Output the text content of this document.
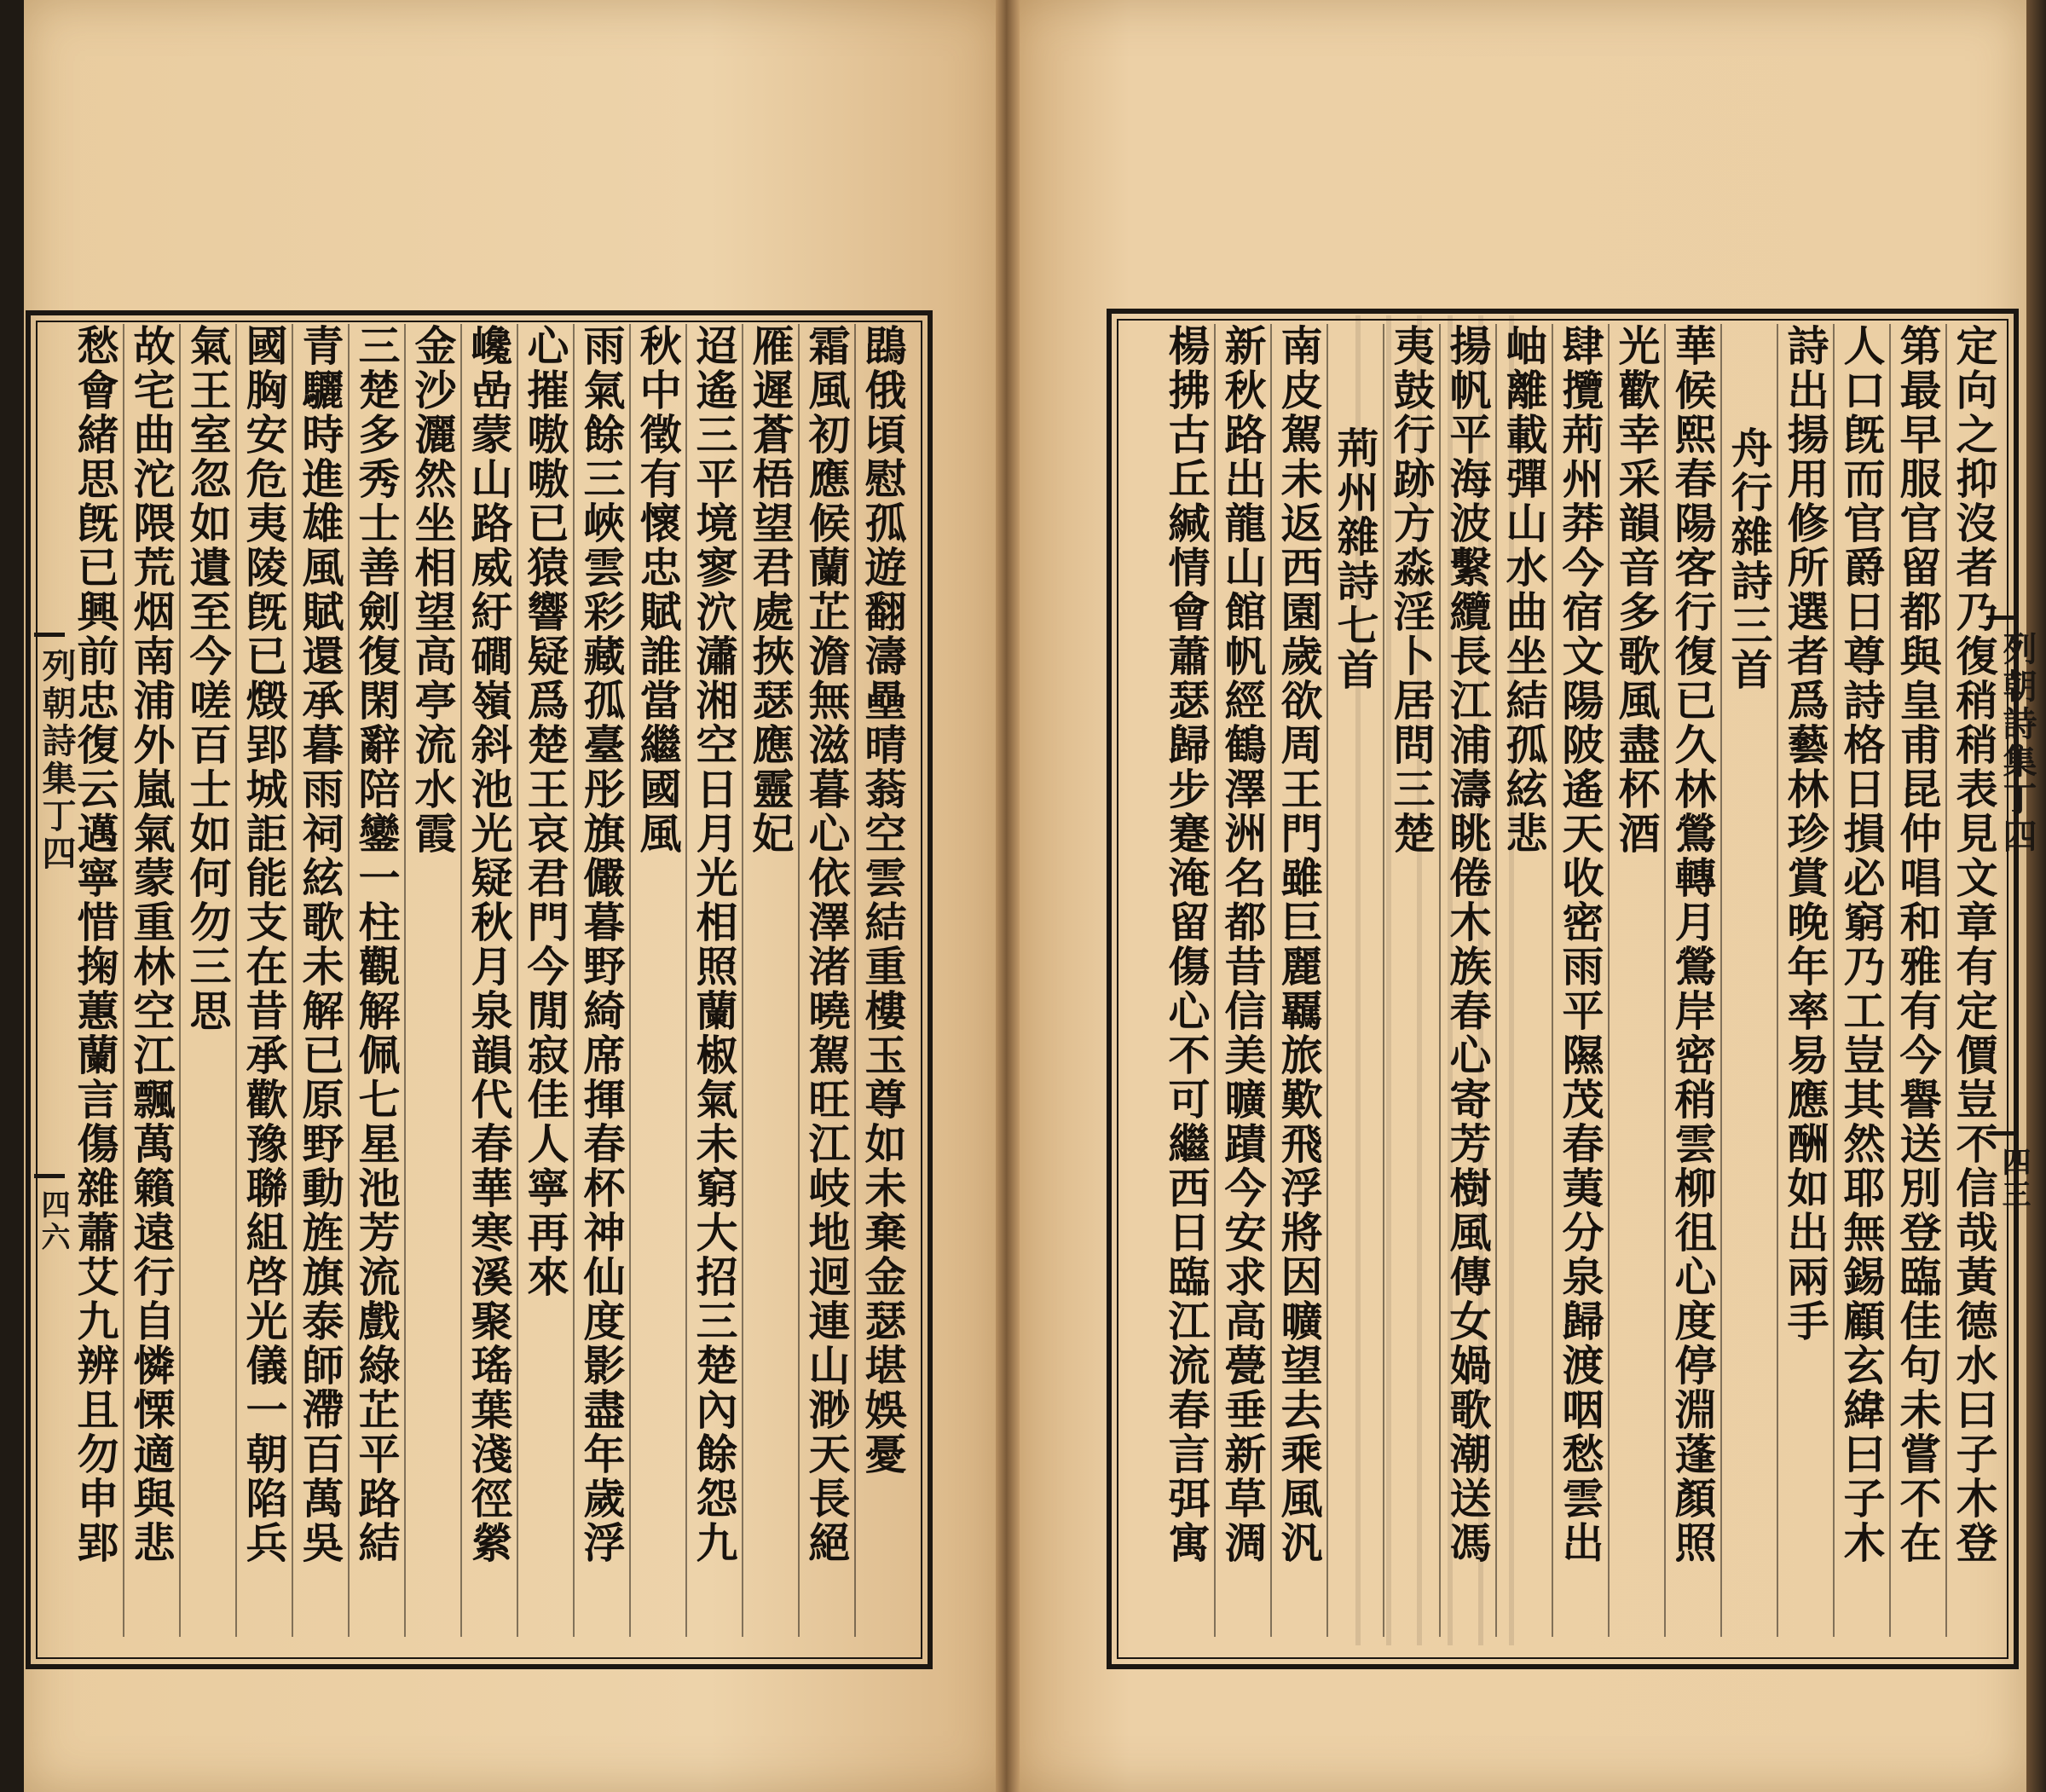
列朝詩集丁四
四六	鵾俄頃慰孤遊翻濤壘晴蓊空雲結重樓玉尊如未棄金瑟堪娛憂
霜風初應候蘭芷澹無滋暮心依澤渚曉駕旺江岐地迥連山渺天長絕
雁遲蒼梧望君處挾瑟應靈妃
迢遙三平境寥泬瀟湘空日月光相照蘭椒氣未窮大招三楚內餘怨九
秋中徵有懷忠賦誰當繼國風
雨氣餘三峽雲彩藏孤臺彤旗儼暮野綺席揮春杯神仙度影盡年歲浮
心摧嗷嗷已猿響疑爲楚王哀君門今閒寂佳人寧再來
巉嵒蒙山路威紆磵嶺斜池光疑秋月泉韻代春華寒溪聚瑤葉淺徑縈
金沙灑然坐相望高亭流水霞
三楚多秀士善劍復閑辭陪鑾一柱觀解佩七星池芳流戲綠芷平路結
青驪時進雄風賦還承暮雨祠絃歌未解已原野動旌旗泰師滯百萬吳
國胸安危夷陵旣已燬郢城詎能支在昔承歡豫聯組啓光儀一朝陷兵
氣王室忽如遺至今嗟百士如何勿三思
故宅曲沱隈荒烟南浦外嵐氣蒙重林空江飄萬籟遠行自憐慄適與悲
愁會緒思旣已興前忠復云邁寧惜掬蕙蘭言傷雜蕭艾九辨且勿申郢	列朝詩集丁四
四三
定向之抑沒者乃復稍稍表見文章有定價豈不信哉黃德水曰子木登
第最早服官留都與皇甫昆仲唱和雅有今譽送別登臨佳句未嘗不在
人口旣而官爵日尊詩格日損必窮乃工豈其然耶無錫顧玄緯曰子木
詩出揚用修所選者爲藝林珍賞晚年率易應酬如出兩手
舟行雜詩三首
華候熙春陽客行復已久林鶯轉月鶯岸密稍雲柳徂心度停淵蓬顏照
光歡幸采韻音多歌風盡杯酒
肆攬荊州莽今宿文陽陂遙天收密雨平隰茂春荑分泉歸渡咽愁雲出
岫離載彈山水曲坐結孤絃悲
揚帆平海波繫纜長江浦濤眺倦木族春心寄芳樹風傳女媧歌潮送馮
夷鼓行跡方淼淫卜居問三楚
荊州雜詩七首
南皮駕未返西園歲欲周王門雖巨麗覊旅歎飛浮將因曠望去乘風汎
新秋路出龍山館帆經鶴澤洲名都昔信美曠蹟今安求高甍垂新草淍
楊拂古丘緘情會蕭瑟歸步蹇淹留傷心不可繼西日臨江流春言弭寓
